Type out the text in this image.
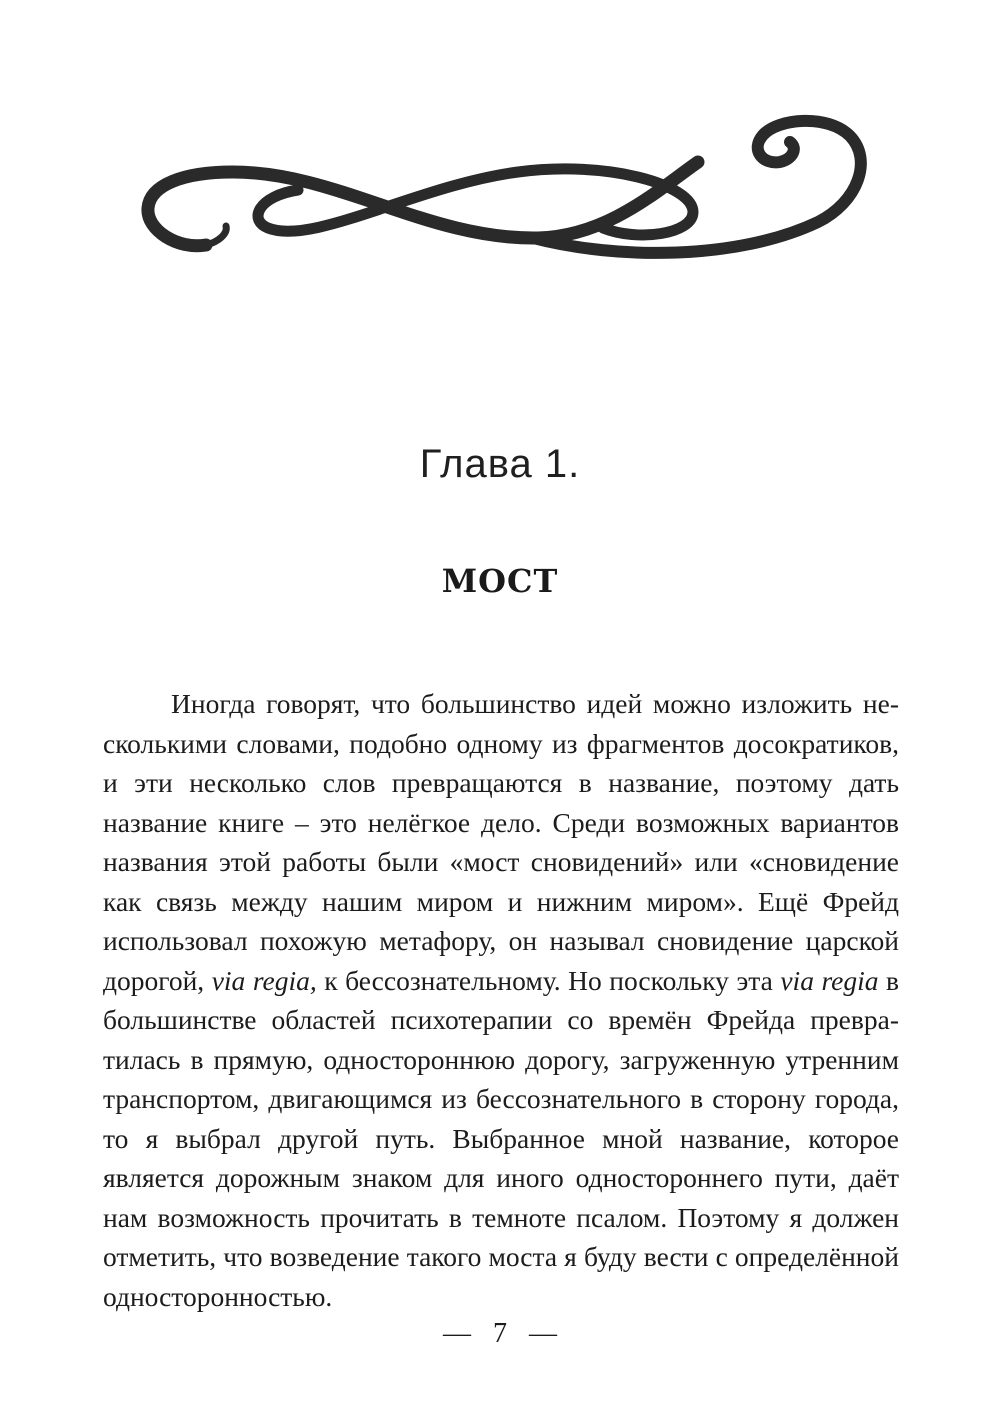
Глава 1.
МОСТ

Иногда говорят, что большинство идей можно изложить несколькими словами, подобно одному из фрагментов досократиков, и эти несколько слов превращаются в название, поэтому дать название книге – это нелёгкое дело. Среди возможных вариантов названия этой работы были «мост сновидений» или «сновидение как связь между нашим миром и нижним миром». Ещё Фрейд использовал похожую метафору, он называл сновидение царской дорогой, via regia, к бессознательному. Но поскольку эта via regia в большинстве областей психотерапии со времён Фрейда превратилась в прямую, одностороннюю дорогу, загруженную утренним транспортом, двигающимся из бессознательного в сторону города, то я выбрал другой путь. Выбранное мной название, которое является дорожным знаком для иного одностороннего пути, даёт нам возможность прочитать в темноте псалом. Поэтому я должен отметить, что возведение такого моста я буду вести с определённой односторонностью.

— 7 —
